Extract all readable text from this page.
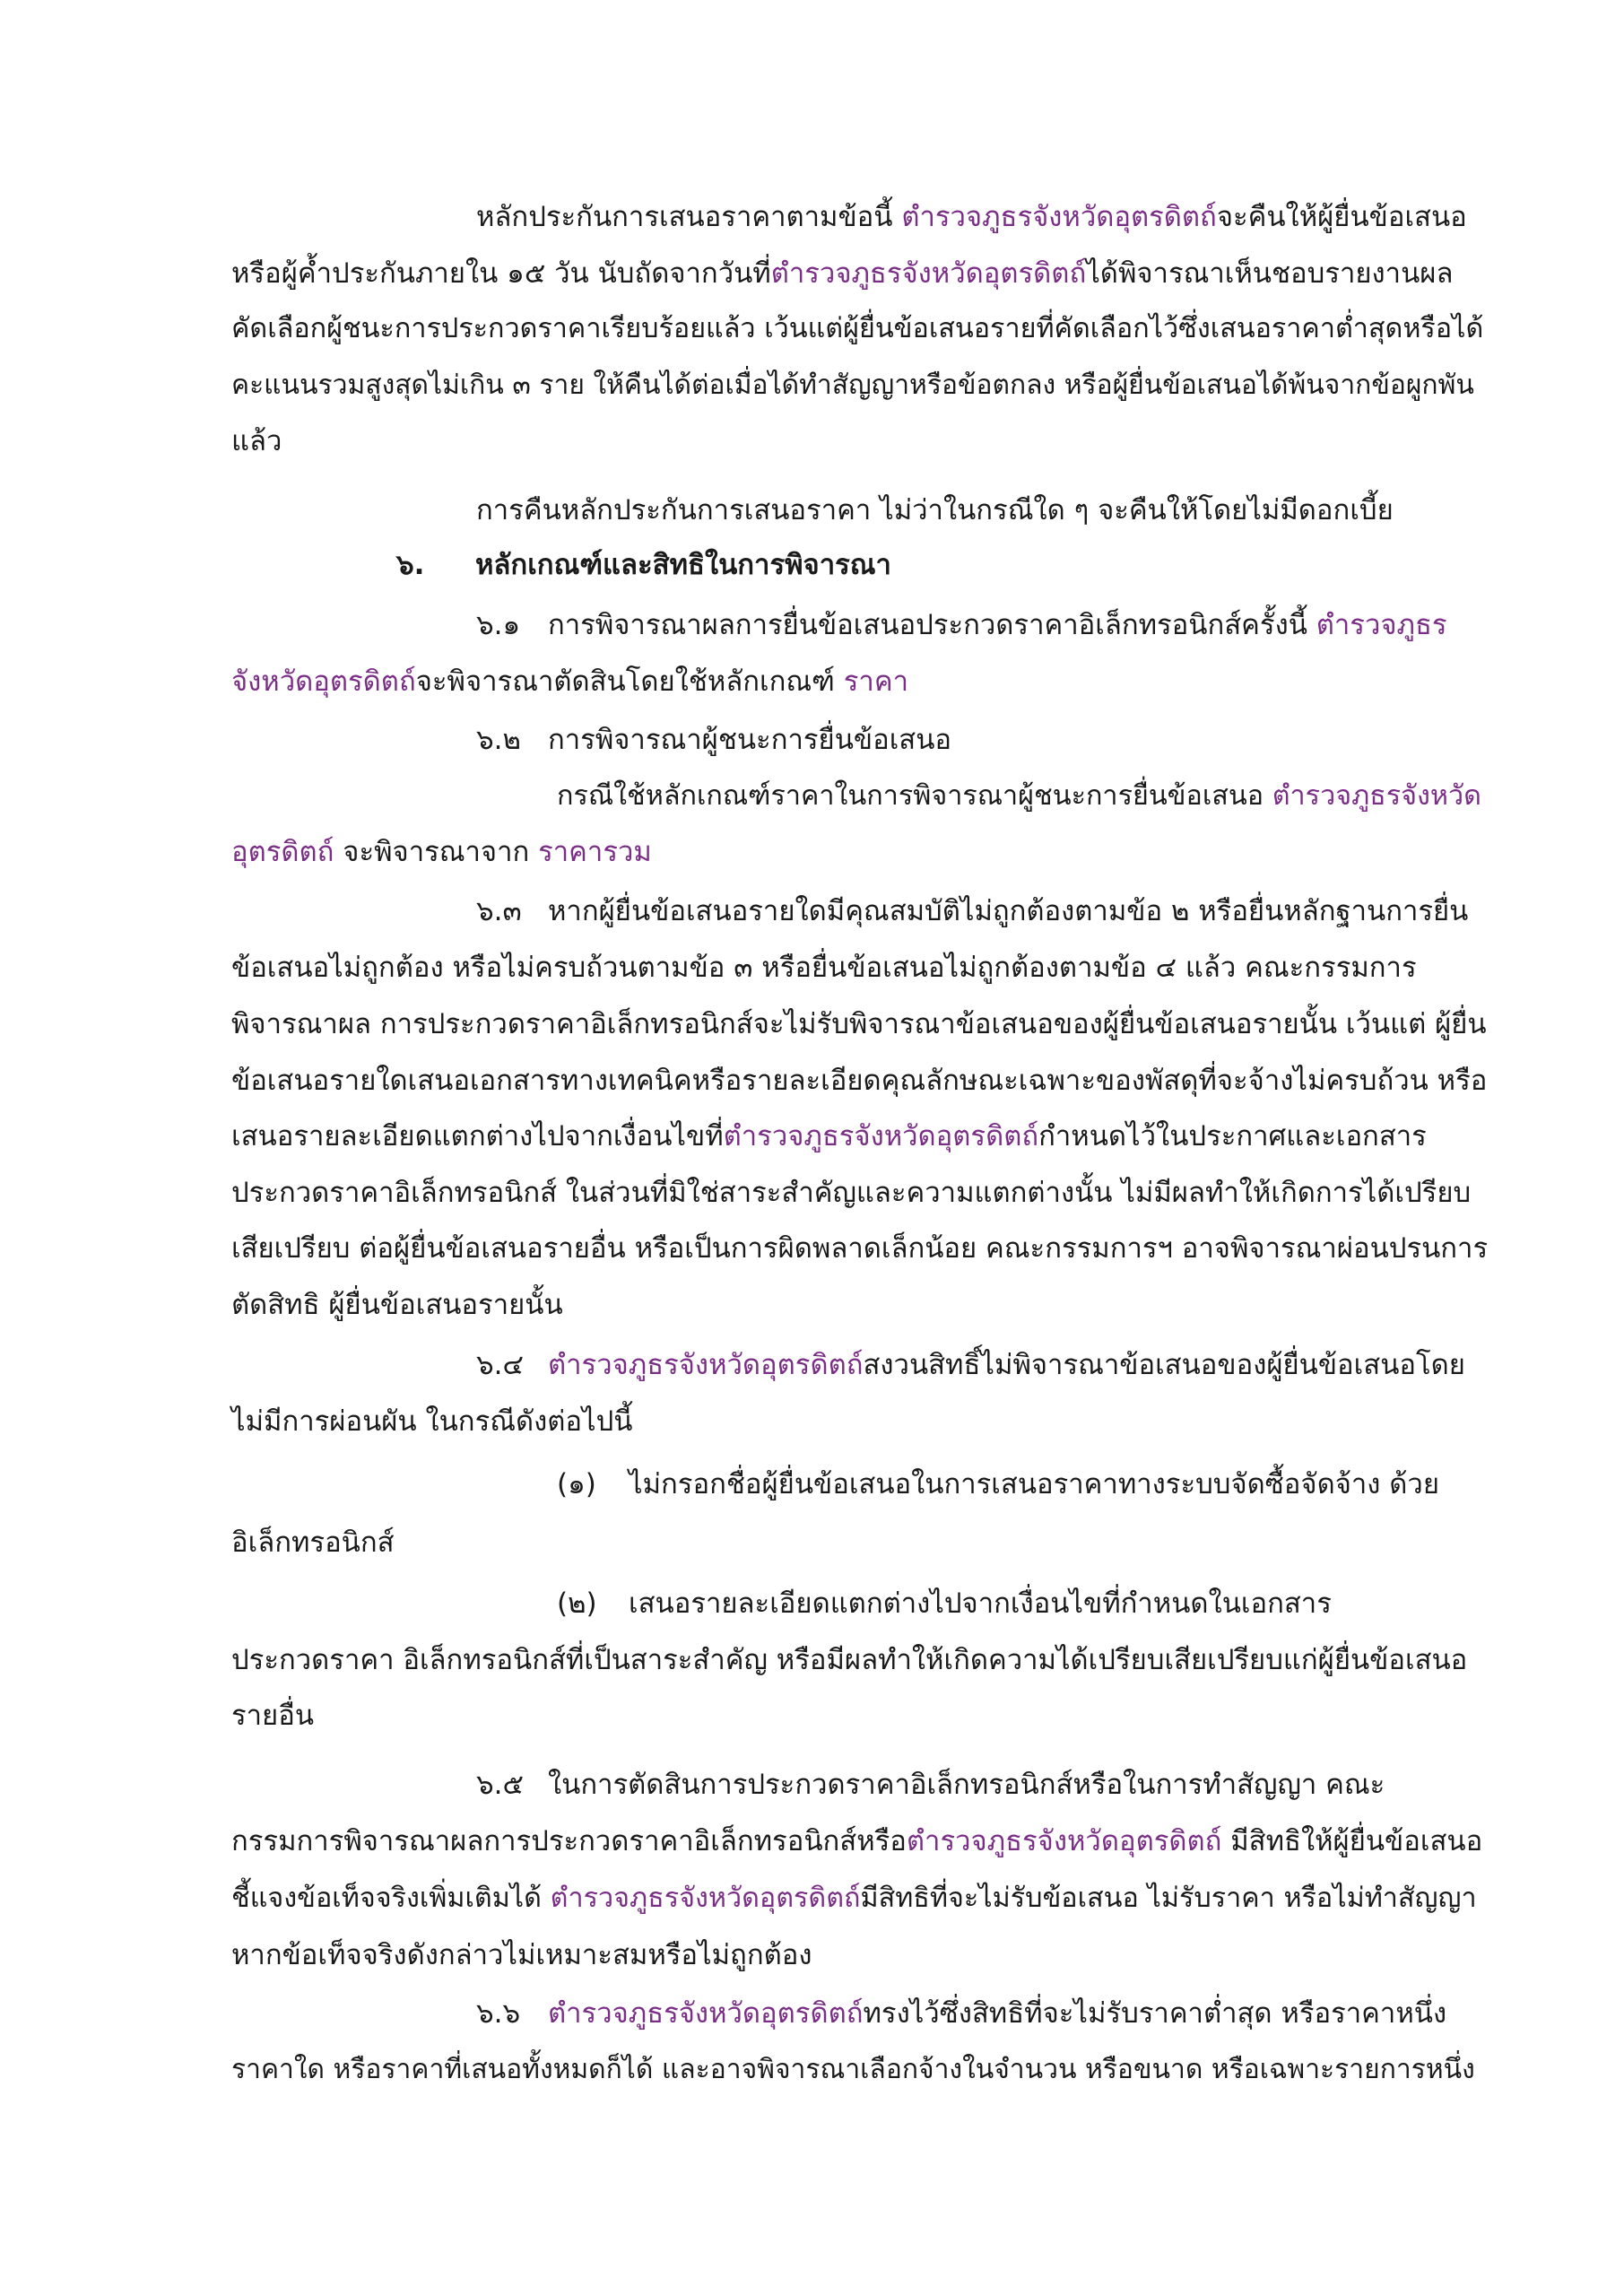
หลักประกันการเสนอราคาตามข้อนี้ ตำรวจภูธรจังหวัดอุตรดิตถ์จะคืนให้ผู้ยื่นข้อเสนอ
หรือผู้ค้ำประกันภายใน ๑๕ วัน นับถัดจากวันที่ตำรวจภูธรจังหวัดอุตรดิตถ์ได้พิจารณาเห็นชอบรายงานผล
คัดเลือกผู้ชนะการประกวดราคาเรียบร้อยแล้ว เว้นแต่ผู้ยื่นข้อเสนอรายที่คัดเลือกไว้ซึ่งเสนอราคาต่ำสุดหรือได้
คะแนนรวมสูงสุดไม่เกิน ๓ ราย ให้คืนได้ต่อเมื่อได้ทำสัญญาหรือข้อตกลง หรือผู้ยื่นข้อเสนอได้พ้นจากข้อผูกพัน
แล้ว
การคืนหลักประกันการเสนอราคา ไม่ว่าในกรณีใด ๆ จะคืนให้โดยไม่มีดอกเบี้ย
๖. หลักเกณฑ์และสิทธิในการพิจารณา
๖.๑ การพิจารณาผลการยื่นข้อเสนอประกวดราคาอิเล็กทรอนิกส์ครั้งนี้ ตำรวจภูธร
จังหวัดอุตรดิตถ์จะพิจารณาตัดสินโดยใช้หลักเกณฑ์ ราคา
๖.๒ การพิจารณาผู้ชนะการยื่นข้อเสนอ
กรณีใช้หลักเกณฑ์ราคาในการพิจารณาผู้ชนะการยื่นข้อเสนอ ตำรวจภูธรจังหวัด
อุตรดิตถ์ จะพิจารณาจาก ราคารวม
๖.๓ หากผู้ยื่นข้อเสนอรายใดมีคุณสมบัติไม่ถูกต้องตามข้อ ๒ หรือยื่นหลักฐานการยื่น
ข้อเสนอไม่ถูกต้อง หรือไม่ครบถ้วนตามข้อ ๓ หรือยื่นข้อเสนอไม่ถูกต้องตามข้อ ๔ แล้ว คณะกรรมการ
พิจารณาผล การประกวดราคาอิเล็กทรอนิกส์จะไม่รับพิจารณาข้อเสนอของผู้ยื่นข้อเสนอรายนั้น เว้นแต่ ผู้ยื่น
ข้อเสนอรายใดเสนอเอกสารทางเทคนิคหรือรายละเอียดคุณลักษณะเฉพาะของพัสดุที่จะจ้างไม่ครบถ้วน หรือ
เสนอรายละเอียดแตกต่างไปจากเงื่อนไขที่ตำรวจภูธรจังหวัดอุตรดิตถ์กำหนดไว้ในประกาศและเอกสาร
ประกวดราคาอิเล็กทรอนิกส์ ในส่วนที่มิใช่สาระสำคัญและความแตกต่างนั้น ไม่มีผลทำให้เกิดการได้เปรียบ
เสียเปรียบ ต่อผู้ยื่นข้อเสนอรายอื่น หรือเป็นการผิดพลาดเล็กน้อย คณะกรรมการฯ อาจพิจารณาผ่อนปรนการ
ตัดสิทธิ ผู้ยื่นข้อเสนอรายนั้น
๖.๔ ตำรวจภูธรจังหวัดอุตรดิตถ์สงวนสิทธิ์ไม่พิจารณาข้อเสนอของผู้ยื่นข้อเสนอโดย
ไม่มีการผ่อนผัน ในกรณีดังต่อไปนี้
(๑) ไม่กรอกชื่อผู้ยื่นข้อเสนอในการเสนอราคาทางระบบจัดซื้อจัดจ้าง ด้วย
อิเล็กทรอนิกส์
(๒) เสนอรายละเอียดแตกต่างไปจากเงื่อนไขที่กำหนดในเอกสาร
ประกวดราคา อิเล็กทรอนิกส์ที่เป็นสาระสำคัญ หรือมีผลทำให้เกิดความได้เปรียบเสียเปรียบแก่ผู้ยื่นข้อเสนอ
รายอื่น
๖.๕ ในการตัดสินการประกวดราคาอิเล็กทรอนิกส์หรือในการทำสัญญา คณะ
กรรมการพิจารณาผลการประกวดราคาอิเล็กทรอนิกส์หรือตำรวจภูธรจังหวัดอุตรดิตถ์ มีสิทธิให้ผู้ยื่นข้อเสนอ
ชี้แจงข้อเท็จจริงเพิ่มเติมได้ ตำรวจภูธรจังหวัดอุตรดิตถ์มีสิทธิที่จะไม่รับข้อเสนอ ไม่รับราคา หรือไม่ทำสัญญา
หากข้อเท็จจริงดังกล่าวไม่เหมาะสมหรือไม่ถูกต้อง
๖.๖ ตำรวจภูธรจังหวัดอุตรดิตถ์ทรงไว้ซึ่งสิทธิที่จะไม่รับราคาต่ำสุด หรือราคาหนึ่ง
ราคาใด หรือราคาที่เสนอทั้งหมดก็ได้ และอาจพิจารณาเลือกจ้างในจำนวน หรือขนาด หรือเฉพาะรายการหนึ่ง
